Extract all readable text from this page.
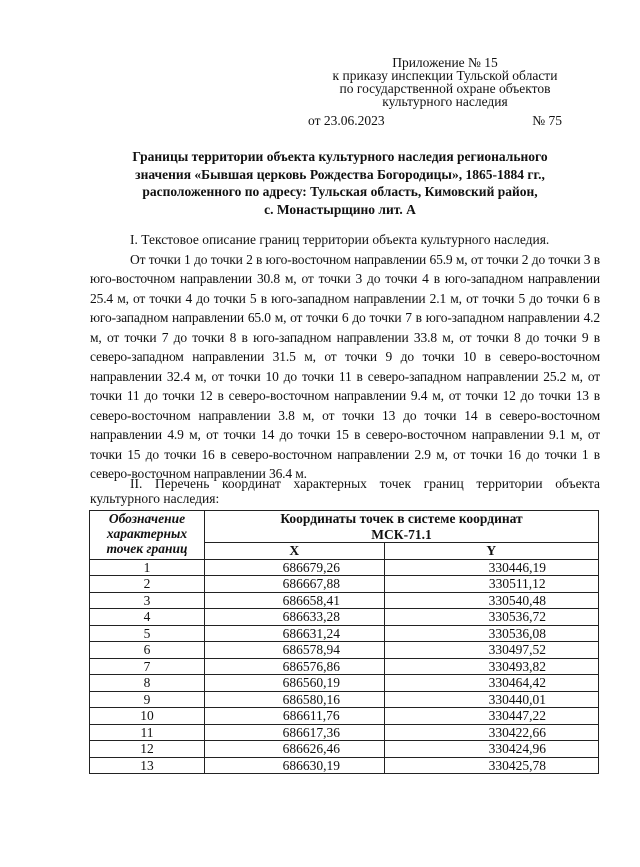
Приложение № 15
к приказу инспекции Тульской области
по государственной охране объектов
культурного наследия
от 23.06.2023	№ 75
Границы территории объекта культурного наследия регионального
значения «Бывшая церковь Рождества Богородицы», 1865-1884 гг.,
расположенного по адресу: Тульская область, Кимовский район,
с. Монастырщино лит. А

I. Текстовое описание границ территории объекта культурного наследия.

От точки 1 до точки 2 в юго-восточном направлении 65.9 м, от точки 2 до точки 3 в юго-восточном направлении 30.8 м, от точки 3 до точки 4 в юго-западном направлении 25.4 м, от точки 4 до точки 5 в юго-западном направлении 2.1 м, от точки 5 до точки 6 в юго-западном направлении 65.0 м, от точки 6 до точки 7 в юго-западном направлении 4.2 м, от точки 7 до точки 8 в юго-западном направлении 33.8 м, от точки 8 до точки 9 в северо-западном направлении 31.5 м, от точки 9 до точки 10 в северо-восточном направлении 32.4 м, от точки 10 до точки 11 в северо-западном направлении 25.2 м, от точки 11 до точки 12 в северо-восточном направлении 9.4 м, от точки 12 до точки 13 в северо-восточном направлении 3.8 м, от точки 13 до точки 14 в северо-восточном направлении 4.9 м, от точки 14 до точки 15 в северо-восточном направлении 9.1 м, от точки 15 до точки 16 в северо-восточном направлении 2.9 м, от точки 16 до точки 1 в северо-восточном направлении 36.4 м.

II. Перечень координат характерных точек границ территории объекта культурного наследия:
Обозначение характерных точек границ	Координаты точек в системе координат
МСК-71.1	

	X	Y
1	686679,26	330446,19
2	686667,88	330511,12
3	686658,41	330540,48
4	686633,28	330536,72
5	686631,24	330536,08
6	686578,94	330497,52
7	686576,86	330493,82
8	686560,19	330464,42
9	686580,16	330440,01
10	686611,76	330447,22
11	686617,36	330422,66
12	686626,46	330424,96
13	686630,19	330425,78
